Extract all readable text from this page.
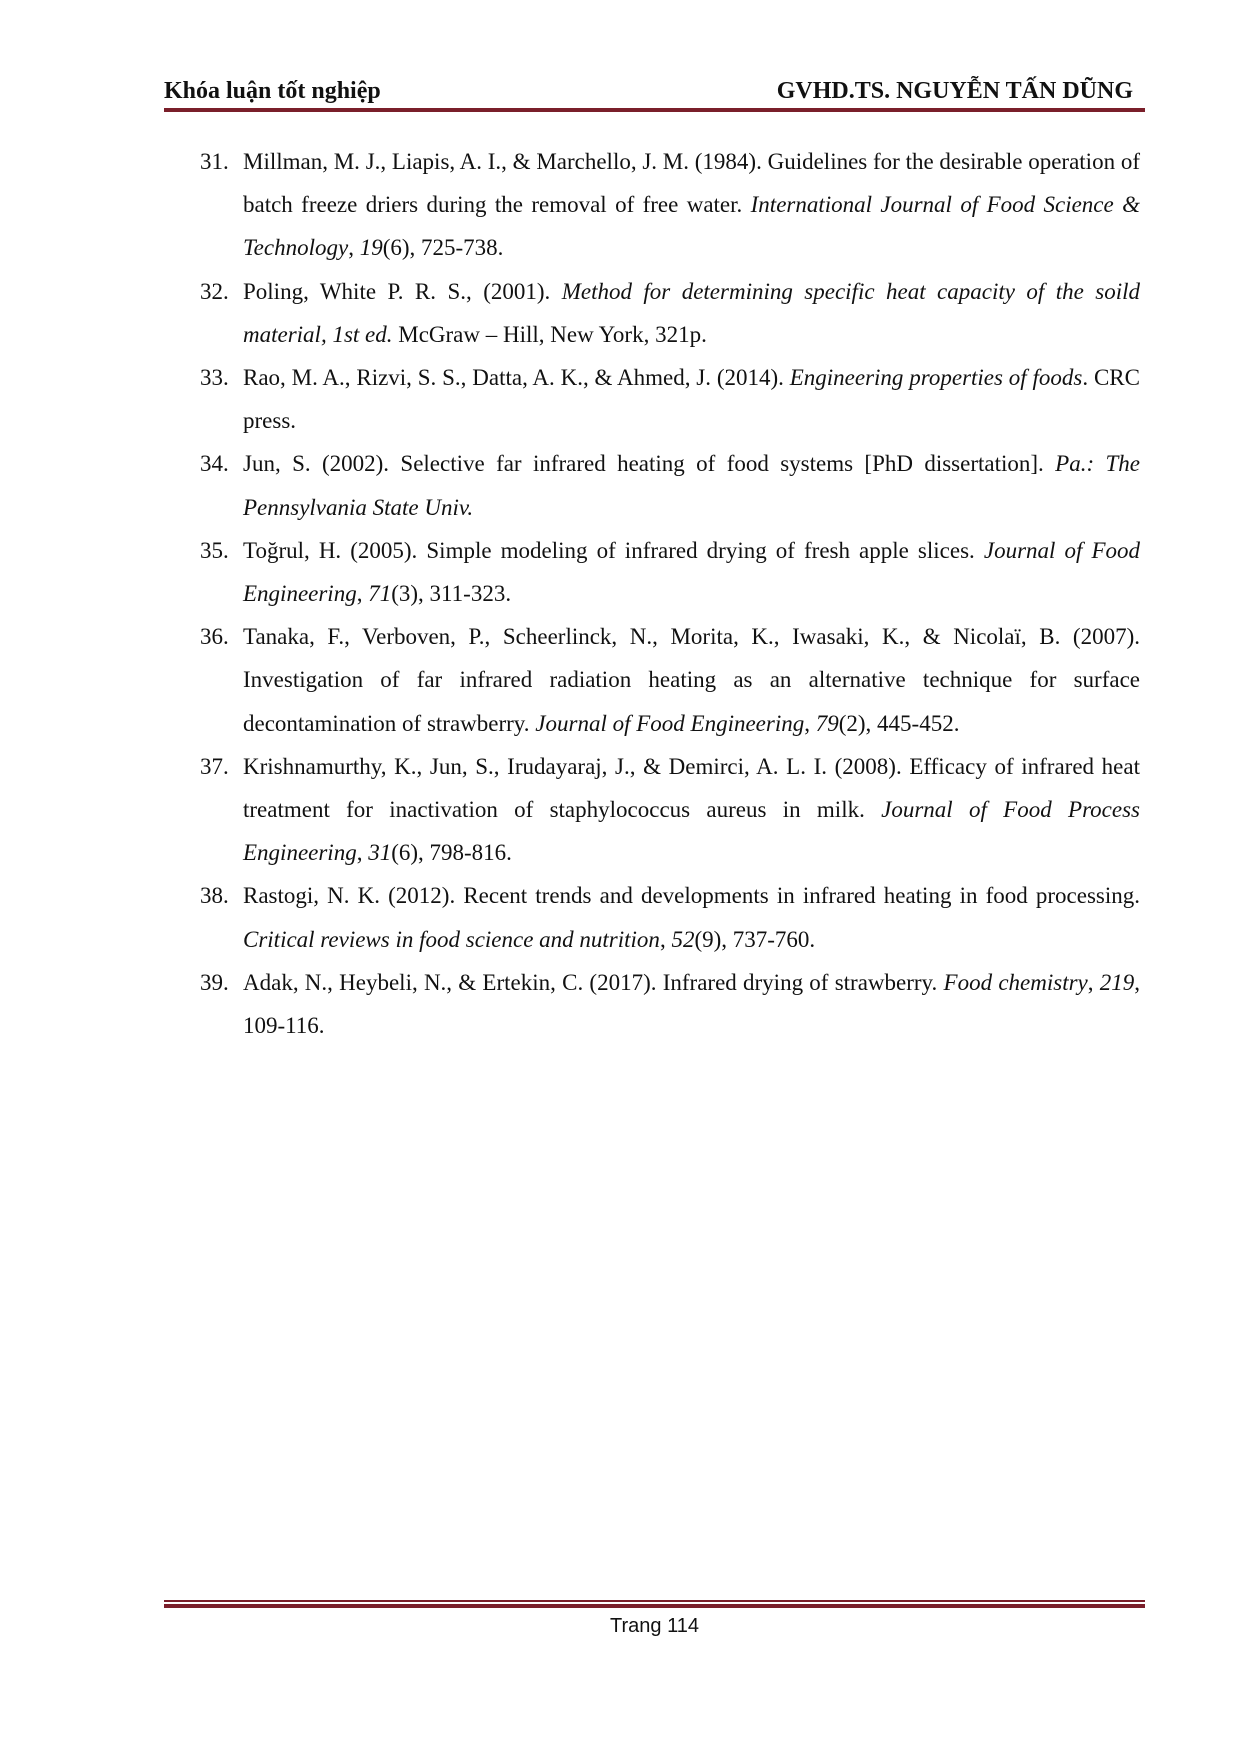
Khóa luận tốt nghiệp	GVHD.TS. NGUYỄN TẤN DŨNG
31. Millman, M. J., Liapis, A. I., & Marchello, J. M. (1984). Guidelines for the desirable operation of batch freeze driers during the removal of free water. International Journal of Food Science & Technology, 19(6), 725-738.
32. Poling, White P. R. S., (2001). Method for determining specific heat capacity of the soild material, 1st ed. McGraw – Hill, New York, 321p.
33. Rao, M. A., Rizvi, S. S., Datta, A. K., & Ahmed, J. (2014). Engineering properties of foods. CRC press.
34. Jun, S. (2002). Selective far infrared heating of food systems [PhD dissertation]. Pa.: The Pennsylvania State Univ.
35. Toğrul, H. (2005). Simple modeling of infrared drying of fresh apple slices. Journal of Food Engineering, 71(3), 311-323.
36. Tanaka, F., Verboven, P., Scheerlinck, N., Morita, K., Iwasaki, K., & Nicolaï, B. (2007). Investigation of far infrared radiation heating as an alternative technique for surface decontamination of strawberry. Journal of Food Engineering, 79(2), 445-452.
37. Krishnamurthy, K., Jun, S., Irudayaraj, J., & Demirci, A. L. I. (2008). Efficacy of infrared heat treatment for inactivation of staphylococcus aureus in milk. Journal of Food Process Engineering, 31(6), 798-816.
38. Rastogi, N. K. (2012). Recent trends and developments in infrared heating in food processing. Critical reviews in food science and nutrition, 52(9), 737-760.
39. Adak, N., Heybeli, N., & Ertekin, C. (2017). Infrared drying of strawberry. Food chemistry, 219, 109-116.
Trang 114
